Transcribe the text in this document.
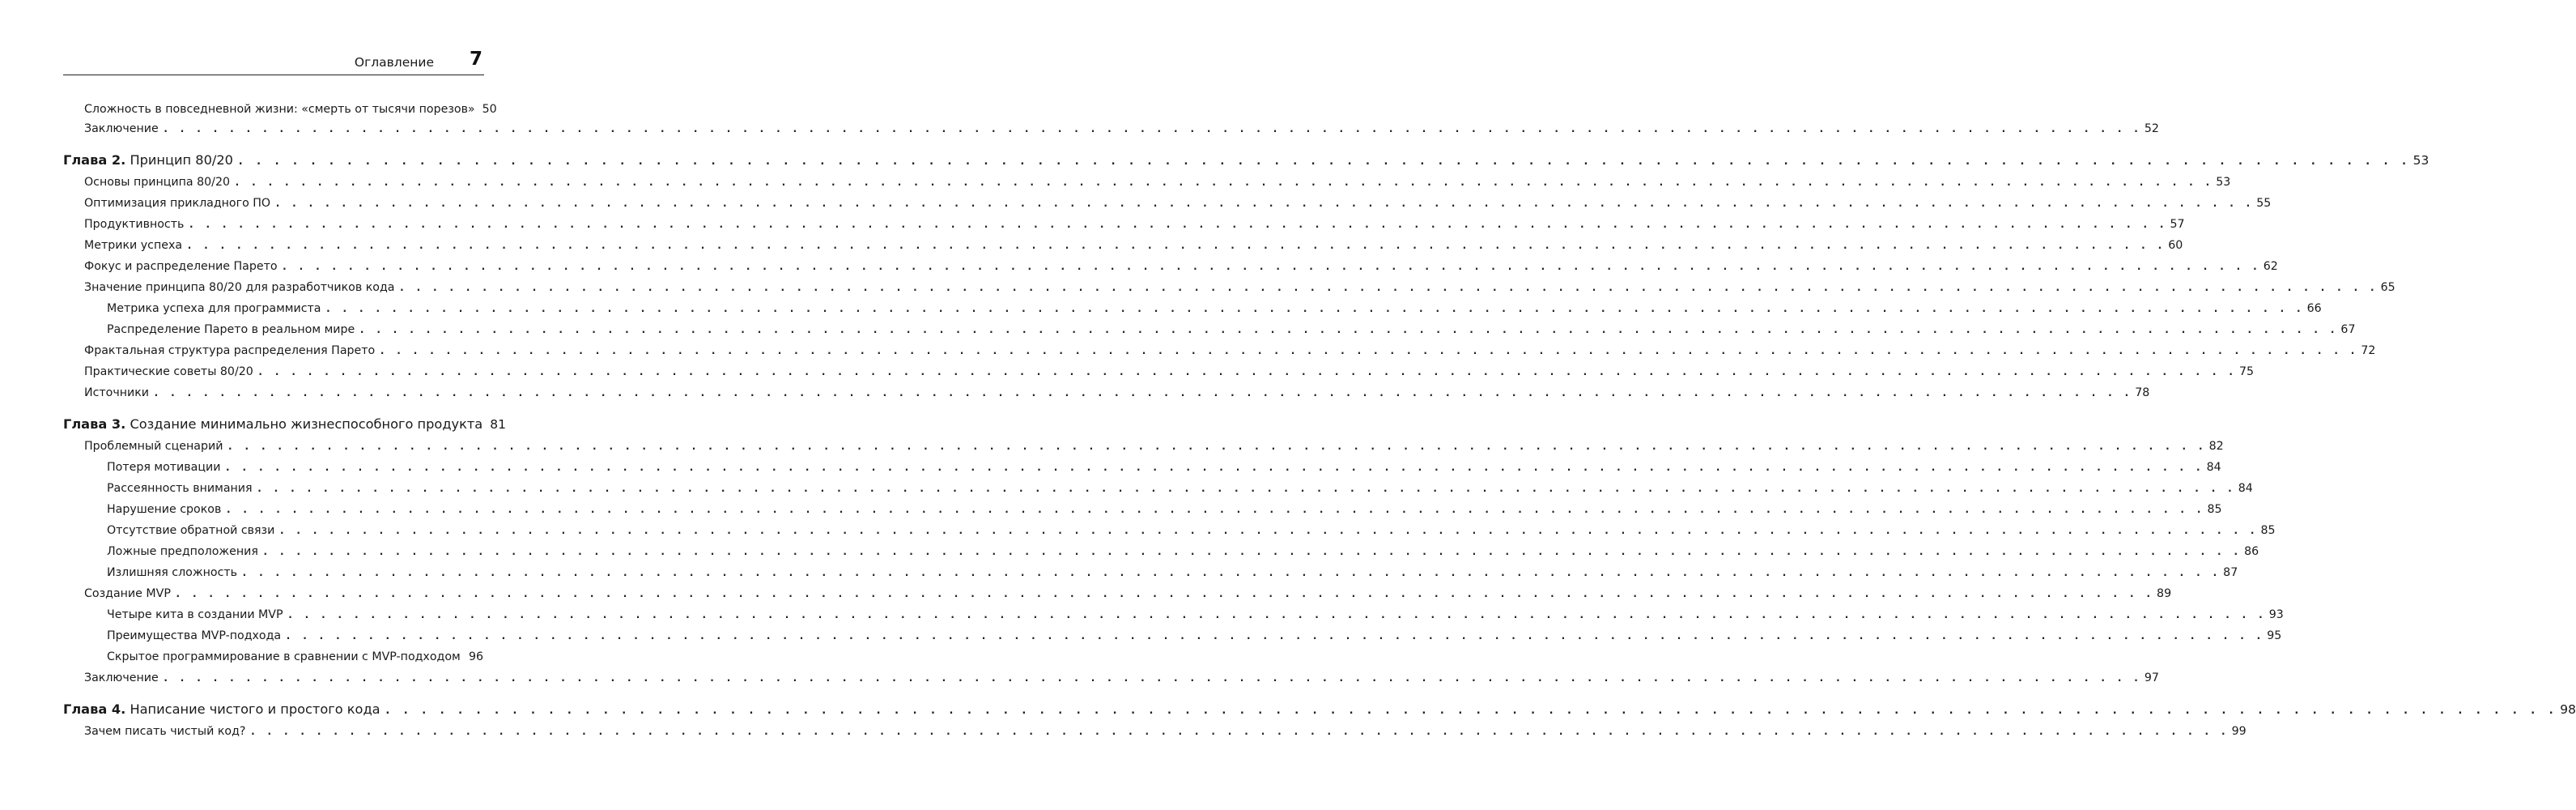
Оглавление 7
Сложность в повседневной жизни: «смерть от тысячи порезов» 50
Заключение . . . . . . . . . . . . . . . . . . . . . . . . . . . . . . . . . . . . . . . . . . . . . . . . . . . . . . . . . . . . . . . . . . . . . . . . . . . . . . . . . . . . . . . . . . . . . . . . . . . . . . . . . . . . . . . . . . . . . . . . 52
Глава 2. Принцип 80/20 . . . . . . . . . . . . . . . . . . . . . . . . . . . . . . . . . . . . . . . . . . . . . . . . . . . . . . . . . . . . . . . . . . . . . . . . . . . . . . . . . . . . . . . . . . . . . . . . . . . . . . . . . . . . . . . . . . . . . . . . 53
Основы принципа 80/20 . . . . . . . . . . . . . . . . . . . . . . . . . . . . . . . . . . . . . . . . . . . . . . . . . . . . . . . . . . . . . . . . . . . . . . . . . . . . . . . . . . . . . . . . . . . . . . . . . . . . . . . . . . . . . . . . . . . . . . . . 53
Оптимизация прикладного ПО . . . . . . . . . . . . . . . . . . . . . . . . . . . . . . . . . . . . . . . . . . . . . . . . . . . . . . . . . . . . . . . . . . . . . . . . . . . . . . . . . . . . . . . . . . . . . . . . . . . . . . . . . . . . . . . . . . . . . . . . 55
Продуктивность . . . . . . . . . . . . . . . . . . . . . . . . . . . . . . . . . . . . . . . . . . . . . . . . . . . . . . . . . . . . . . . . . . . . . . . . . . . . . . . . . . . . . . . . . . . . . . . . . . . . . . . . . . . . . . . . . . . . . . . . 57
Метрики успеха . . . . . . . . . . . . . . . . . . . . . . . . . . . . . . . . . . . . . . . . . . . . . . . . . . . . . . . . . . . . . . . . . . . . . . . . . . . . . . . . . . . . . . . . . . . . . . . . . . . . . . . . . . . . . . . . . . . . . . . . 60
Фокус и распределение Парето . . . . . . . . . . . . . . . . . . . . . . . . . . . . . . . . . . . . . . . . . . . . . . . . . . . . . . . . . . . . . . . . . . . . . . . . . . . . . . . . . . . . . . . . . . . . . . . . . . . . . . . . . . . . . . . . . . . . . . . . 62
Значение принципа 80/20 для разработчиков кода . . . . . . . . . . . . . . . . . . . . . . . . . . . . . . . . . . . . . . . . . . . . . . . . . . . . . . . . . . . . . . . . . . . . . . . . . . . . . . . . . . . . . . . . . . . . . . . . . . . . . . . . . . . . . . . . . . . . . . . . 65
Метрика успеха для программиста . . . . . . . . . . . . . . . . . . . . . . . . . . . . . . . . . . . . . . . . . . . . . . . . . . . . . . . . . . . . . . . . . . . . . . . . . . . . . . . . . . . . . . . . . . . . . . . . . . . . . . . . . . . . . . . . . . . . . . . . 66
Распределение Парето в реальном мире . . . . . . . . . . . . . . . . . . . . . . . . . . . . . . . . . . . . . . . . . . . . . . . . . . . . . . . . . . . . . . . . . . . . . . . . . . . . . . . . . . . . . . . . . . . . . . . . . . . . . . . . . . . . . . . . . . . . . . . . 67
Фрактальная структура распределения Парето . . . . . . . . . . . . . . . . . . . . . . . . . . . . . . . . . . . . . . . . . . . . . . . . . . . . . . . . . . . . . . . . . . . . . . . . . . . . . . . . . . . . . . . . . . . . . . . . . . . . . . . . . . . . . . . . . . . . . . . . 72
Практические советы 80/20 . . . . . . . . . . . . . . . . . . . . . . . . . . . . . . . . . . . . . . . . . . . . . . . . . . . . . . . . . . . . . . . . . . . . . . . . . . . . . . . . . . . . . . . . . . . . . . . . . . . . . . . . . . . . . . . . . . . . . . . . 75
Источники . . . . . . . . . . . . . . . . . . . . . . . . . . . . . . . . . . . . . . . . . . . . . . . . . . . . . . . . . . . . . . . . . . . . . . . . . . . . . . . . . . . . . . . . . . . . . . . . . . . . . . . . . . . . . . . . . . . . . . . . 78
Глава 3. Создание минимально жизнеспособного продукта 81
Проблемный сценарий . . . . . . . . . . . . . . . . . . . . . . . . . . . . . . . . . . . . . . . . . . . . . . . . . . . . . . . . . . . . . . . . . . . . . . . . . . . . . . . . . . . . . . . . . . . . . . . . . . . . . . . . . . . . . . . . . . . . . . . . 82
Потеря мотивации . . . . . . . . . . . . . . . . . . . . . . . . . . . . . . . . . . . . . . . . . . . . . . . . . . . . . . . . . . . . . . . . . . . . . . . . . . . . . . . . . . . . . . . . . . . . . . . . . . . . . . . . . . . . . . . . . . . . . . . . 84
Рассеянность внимания . . . . . . . . . . . . . . . . . . . . . . . . . . . . . . . . . . . . . . . . . . . . . . . . . . . . . . . . . . . . . . . . . . . . . . . . . . . . . . . . . . . . . . . . . . . . . . . . . . . . . . . . . . . . . . . . . . . . . . . . 84
Нарушение сроков . . . . . . . . . . . . . . . . . . . . . . . . . . . . . . . . . . . . . . . . . . . . . . . . . . . . . . . . . . . . . . . . . . . . . . . . . . . . . . . . . . . . . . . . . . . . . . . . . . . . . . . . . . . . . . . . . . . . . . . . 85
Отсутствие обратной связи . . . . . . . . . . . . . . . . . . . . . . . . . . . . . . . . . . . . . . . . . . . . . . . . . . . . . . . . . . . . . . . . . . . . . . . . . . . . . . . . . . . . . . . . . . . . . . . . . . . . . . . . . . . . . . . . . . . . . . . . 85
Ложные предположения . . . . . . . . . . . . . . . . . . . . . . . . . . . . . . . . . . . . . . . . . . . . . . . . . . . . . . . . . . . . . . . . . . . . . . . . . . . . . . . . . . . . . . . . . . . . . . . . . . . . . . . . . . . . . . . . . . . . . . . . 86
Излишняя сложность . . . . . . . . . . . . . . . . . . . . . . . . . . . . . . . . . . . . . . . . . . . . . . . . . . . . . . . . . . . . . . . . . . . . . . . . . . . . . . . . . . . . . . . . . . . . . . . . . . . . . . . . . . . . . . . . . . . . . . . . 87
Создание MVP . . . . . . . . . . . . . . . . . . . . . . . . . . . . . . . . . . . . . . . . . . . . . . . . . . . . . . . . . . . . . . . . . . . . . . . . . . . . . . . . . . . . . . . . . . . . . . . . . . . . . . . . . . . . . . . . . . . . . . . . 89
Четыре кита в создании MVP . . . . . . . . . . . . . . . . . . . . . . . . . . . . . . . . . . . . . . . . . . . . . . . . . . . . . . . . . . . . . . . . . . . . . . . . . . . . . . . . . . . . . . . . . . . . . . . . . . . . . . . . . . . . . . . . . . . . . . . . 93
Преимущества MVP-подхода . . . . . . . . . . . . . . . . . . . . . . . . . . . . . . . . . . . . . . . . . . . . . . . . . . . . . . . . . . . . . . . . . . . . . . . . . . . . . . . . . . . . . . . . . . . . . . . . . . . . . . . . . . . . . . . . . . . . . . . . 95
Скрытое программирование в сравнении с MVP-подходом 96
Заключение . . . . . . . . . . . . . . . . . . . . . . . . . . . . . . . . . . . . . . . . . . . . . . . . . . . . . . . . . . . . . . . . . . . . . . . . . . . . . . . . . . . . . . . . . . . . . . . . . . . . . . . . . . . . . . . . . . . . . . . . 97
Глава 4. Написание чистого и простого кода . . . . . . . . . . . . . . . . . . . . . . . . . . . . . . . . . . . . . . . . . . . . . . . . . . . . . . . . . . . . . . . . . . . . . . . . . . . . . . . . . . . . . . . . . . . . . . . . . . . . . . . . . . . . . . . . . . . . . . . . 98
Зачем писать чистый код? . . . . . . . . . . . . . . . . . . . . . . . . . . . . . . . . . . . . . . . . . . . . . . . . . . . . . . . . . . . . . . . . . . . . . . . . . . . . . . . . . . . . . . . . . . . . . . . . . . . . . . . . . . . . . . . . . . . . . . . . 99
